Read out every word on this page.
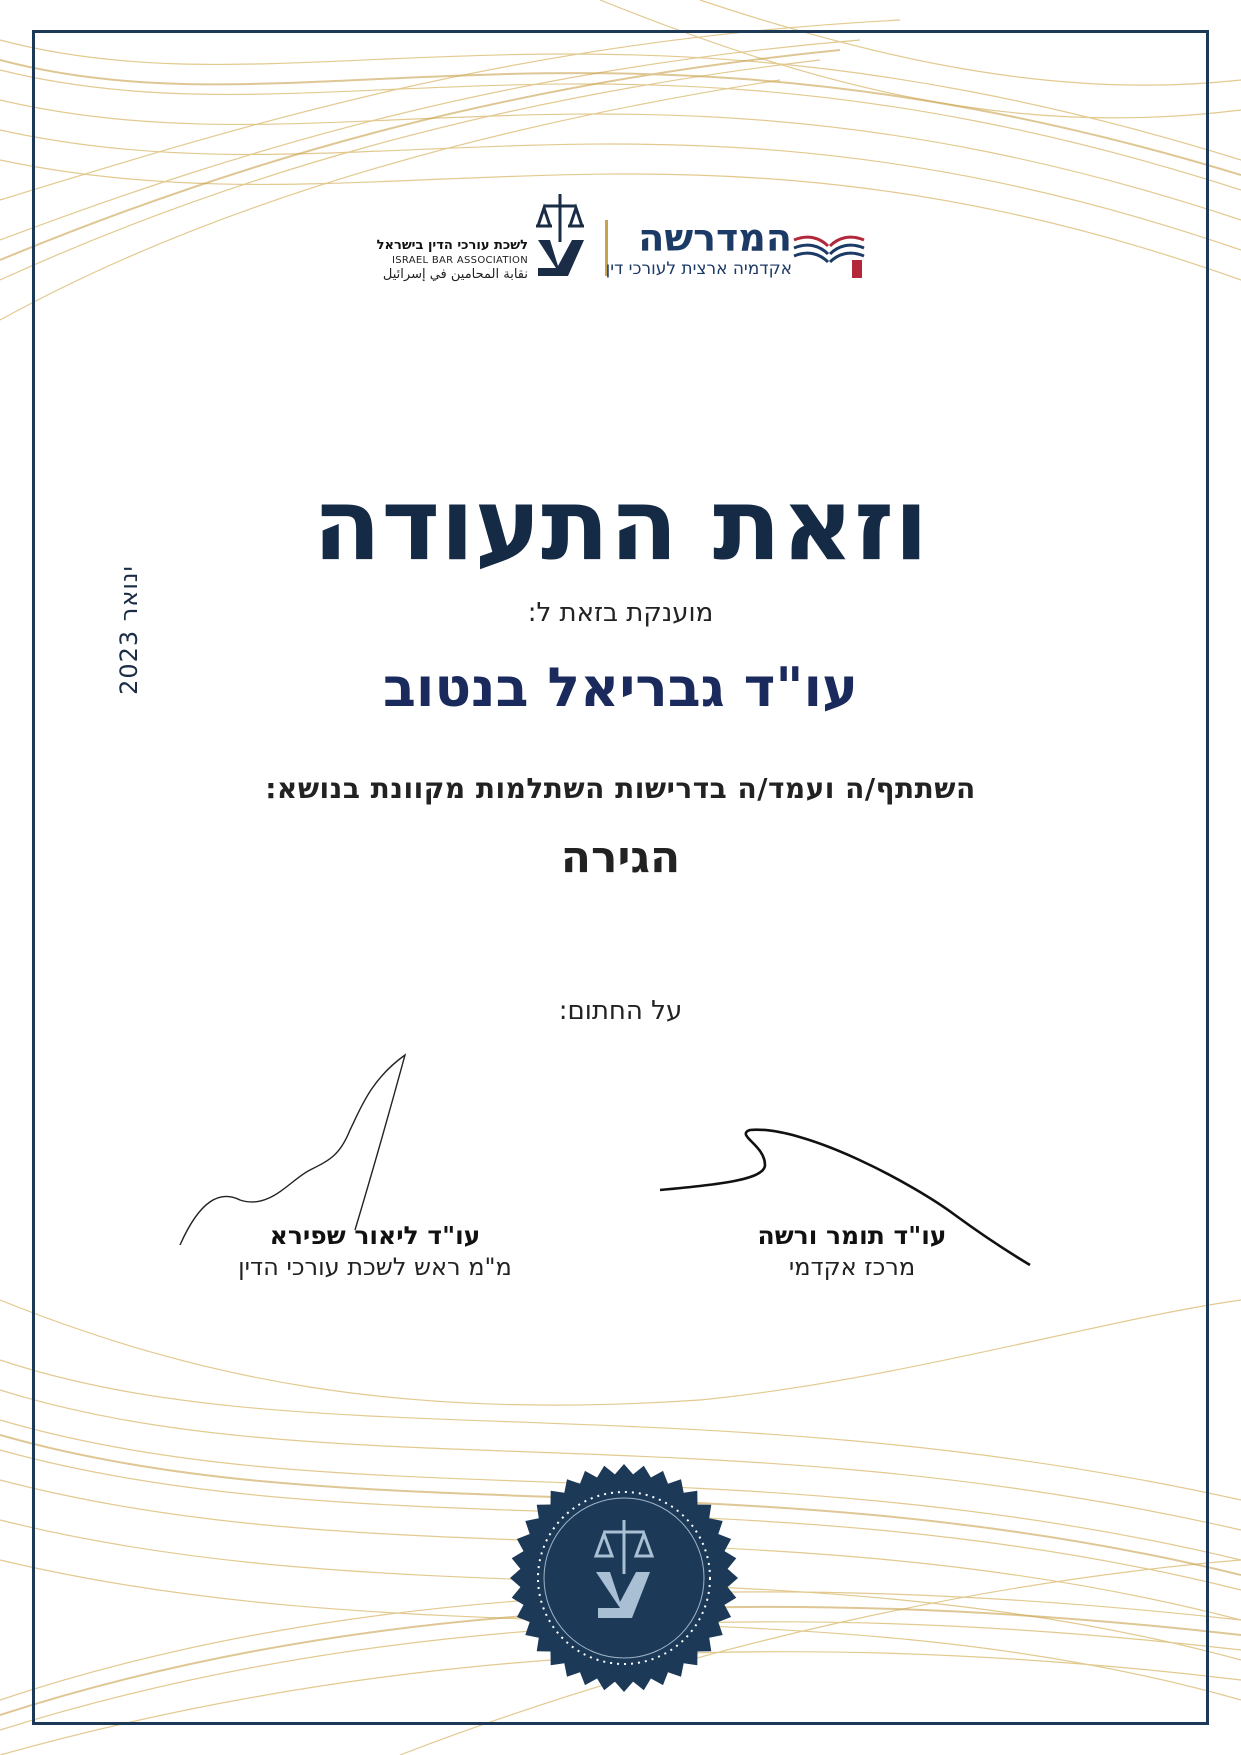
לשכת עורכי הדין בישראל
ISRAEL BAR ASSOCIATION
نقابة المحامين في إسرائيل
המדרשה
אקדמיה ארצית לעורכי דין
ינואר 2023
וזאת התעודה
מוענקת בזאת ל:
עו"ד גבריאל בנטוב
השתתף/ה ועמד/ה בדרישות השתלמות מקוונת בנושא:
הגירה
על החתום:
עו"ד ליאור שפירא
מ"מ ראש לשכת עורכי הדין
עו"ד תומר ורשה
מרכז אקדמי
